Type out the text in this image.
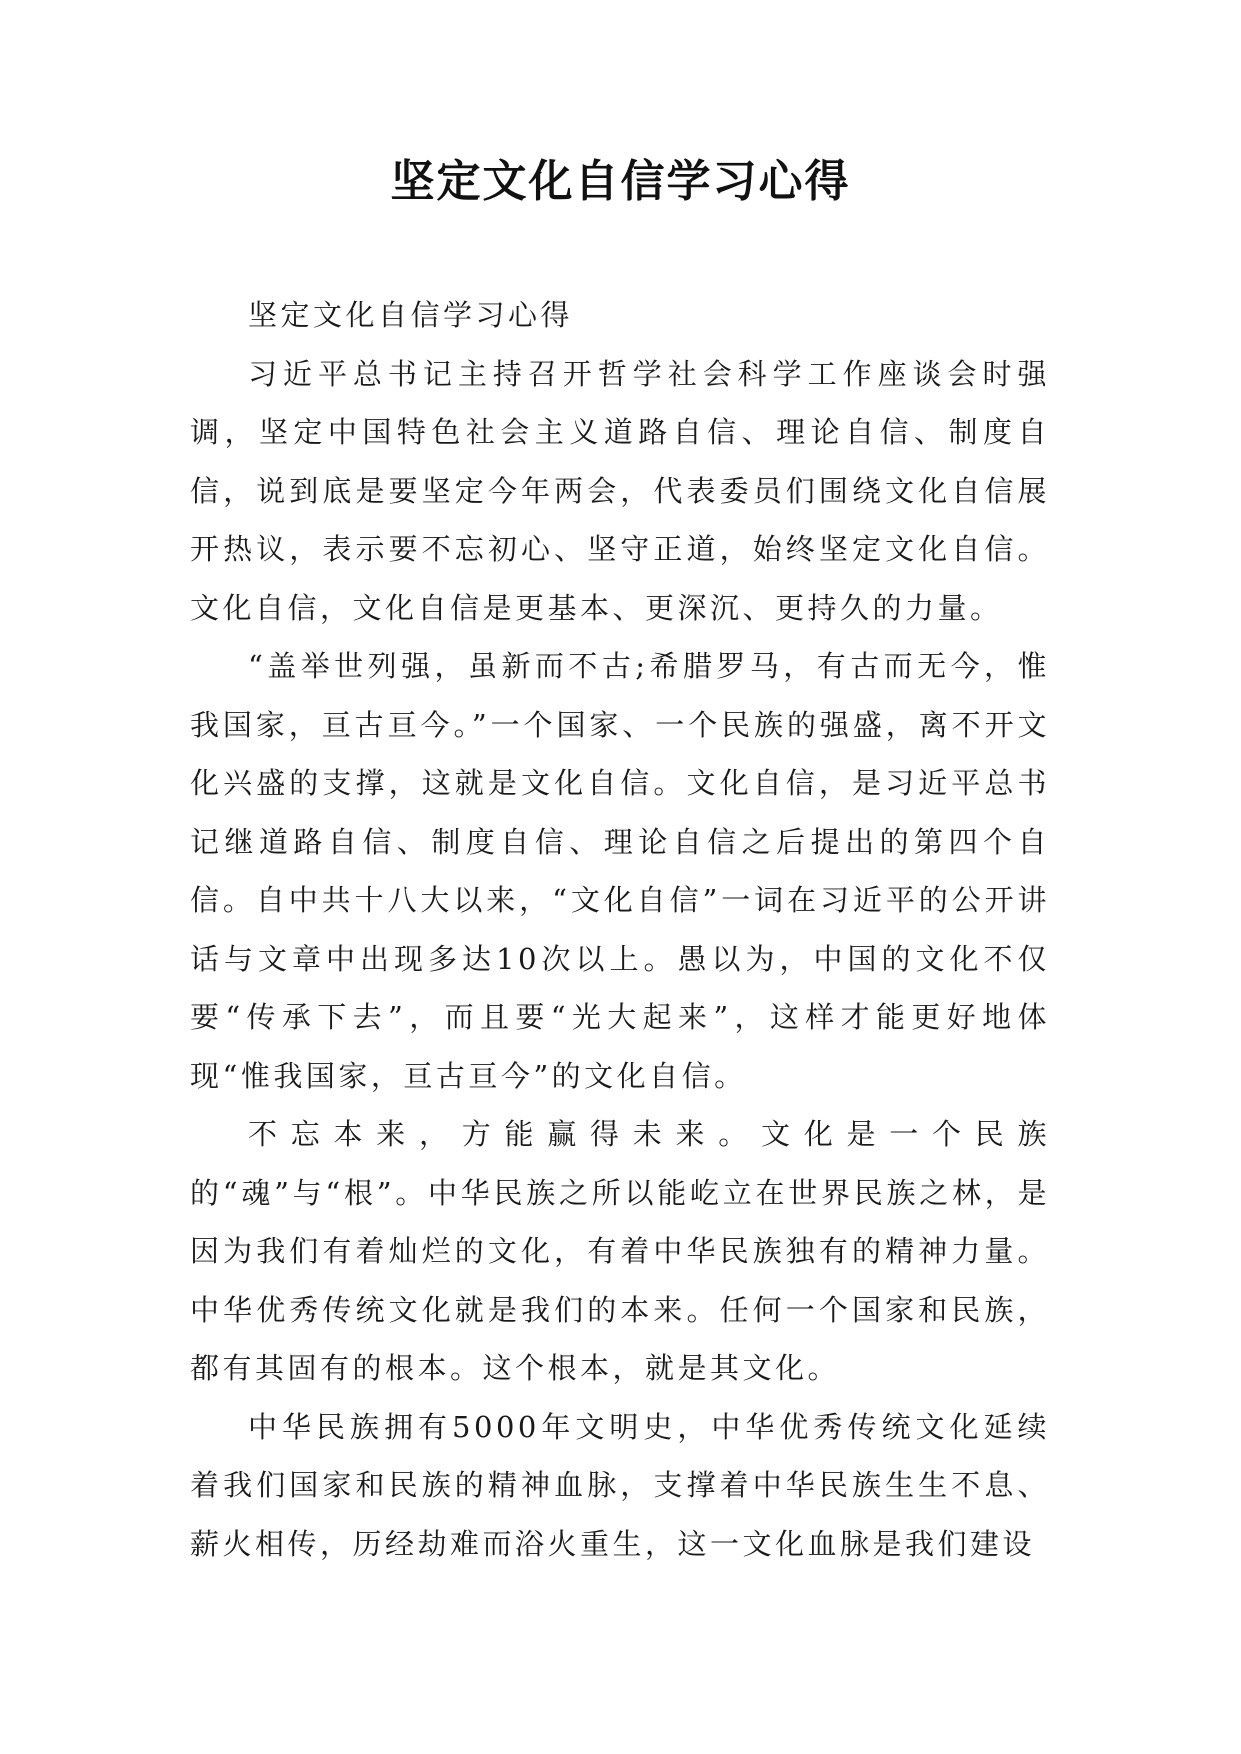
坚定文化自信学习心得

坚定文化自信学习心得

习近平总书记主持召开哲学社会科学工作座谈会时强调，坚定中国特色社会主义道路自信、理论自信、制度自信，说到底是要坚定今年两会，代表委员们围绕文化自信展开热议，表示要不忘初心、坚守正道，始终坚定文化自信。文化自信，文化自信是更基本、更深沉、更持久的力量。

“盖举世列强，虽新而不古;希腊罗马，有古而无今，惟我国家，亘古亘今。”一个国家、一个民族的强盛，离不开文化兴盛的支撑，这就是文化自信。文化自信，是习近平总书记继道路自信、制度自信、理论自信之后提出的第四个自信。自中共十八大以来，“文化自信”一词在习近平的公开讲话与文章中出现多达10次以上。愚以为，中国的文化不仅要“传承下去”，而且要“光大起来”，这样才能更好地体现“惟我国家，亘古亘今”的文化自信。

不忘本来，方能赢得未来。文化是一个民族的“魂”与“根”。中华民族之所以能屹立在世界民族之林，是因为我们有着灿烂的文化，有着中华民族独有的精神力量。中华优秀传统文化就是我们的本来。任何一个国家和民族，都有其固有的根本。这个根本，就是其文化。

中华民族拥有5000年文明史，中华优秀传统文化延续着我们国家和民族的精神血脉，支撑着中华民族生生不息、薪火相传，历经劫难而浴火重生，这一文化血脉是我们建设
